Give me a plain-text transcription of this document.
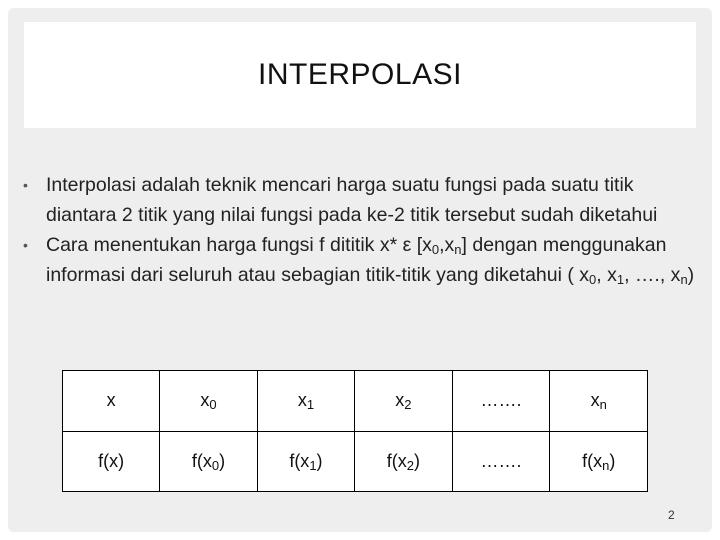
INTERPOLASI

• Interpolasi adalah teknik mencari harga suatu fungsi pada suatu titik diantara 2 titik yang nilai fungsi pada ke-2 titik tersebut sudah diketahui

• Cara menentukan harga fungsi f dititik x* ε $[x_0,x_n]$ dengan menggunakan informasi dari seluruh atau sebagian titik-titik yang diketahui ( $x_0$, $x_1$, …., $x_n$)

x	$x_0$	$x_1$	$x_2$	…….	$x_n$
f(x)	$f(x_0)$	$f(x_1)$	$f(x_2)$	…….	$f(x_n)$
2
